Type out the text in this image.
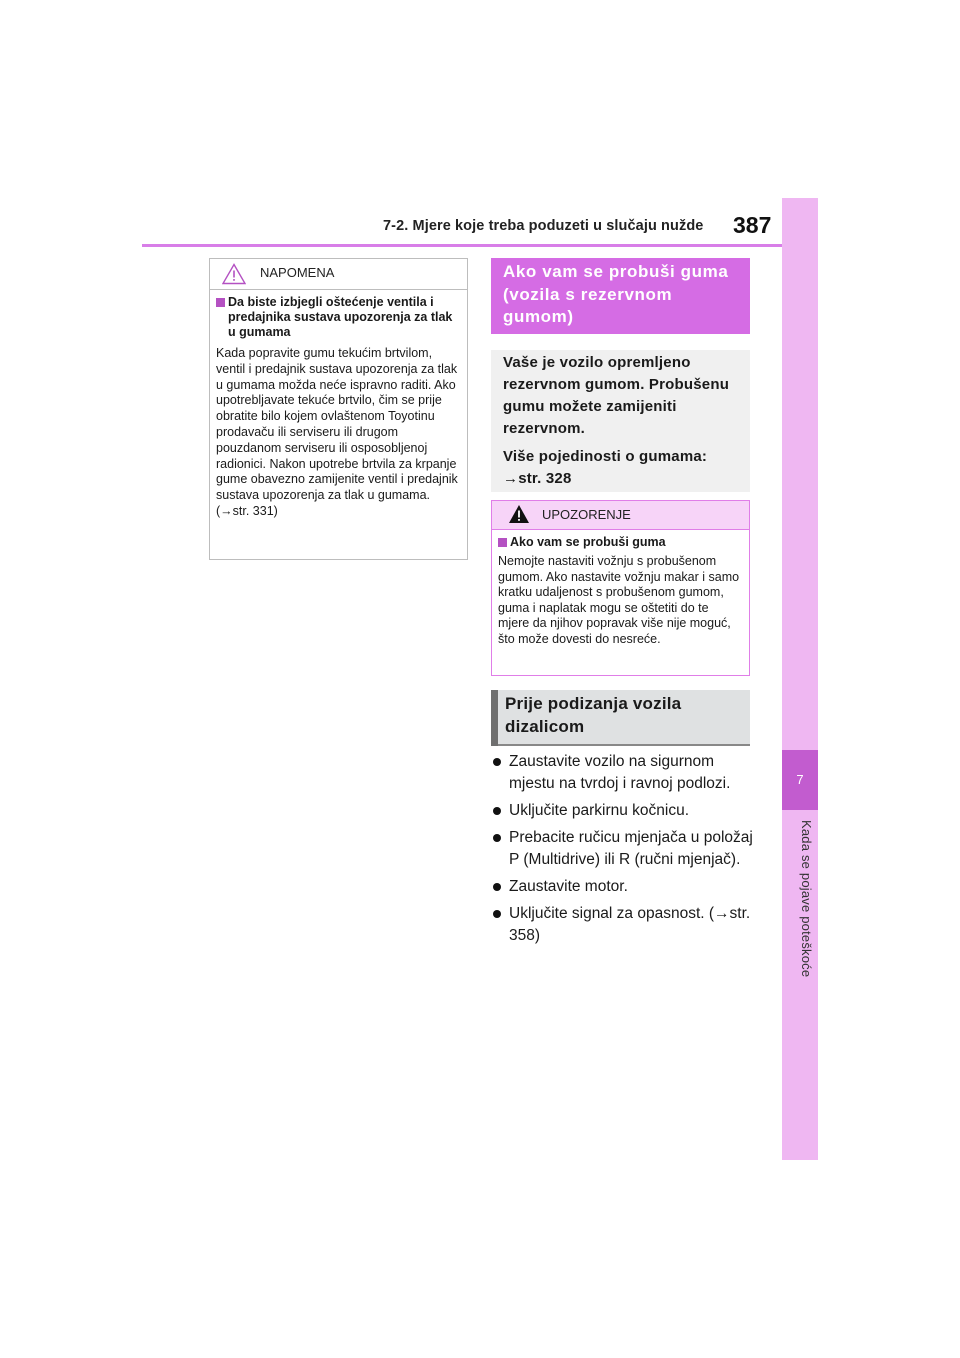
7-2. Mjere koje treba poduzeti u slučaju nužde 387
7
Kada se pojave poteškoće
NAPOMENA
Da biste izbjegli oštećenje ventila i predajnika sustava upozorenja za tlak u gumama
Kada popravite gumu tekućim brtvilom, ventil i predajnik sustava upozorenja za tlak u gumama možda neće ispravno raditi. Ako upotrebljavate tekuće brtvilo, čim se prije obratite bilo kojem ovlaštenom Toyotinu prodavaču ili serviseru ili drugom pouzdanom serviseru ili osposobljenoj radionici. Nakon upotrebe brtvila za krpanje gume obavezno zamijenite ventil i predajnik sustava upozorenja za tlak u gumama. (→str. 331)
Ako vam se probuši guma (vozila s rezervnom gumom)

Vaše je vozilo opremljeno rezervnom gumom. Probušenu gumu možete zamijeniti rezervnom.

Više pojedinosti o gumama: →str. 328

UPOZORENJE
Ako vam se probuši guma
Nemojte nastaviti vožnju s probušenom gumom. Ako nastavite vožnju makar i samo kratku udaljenost s probušenom gumom, guma i naplatak mogu se oštetiti do te mjere da njihov popravak više nije moguć, što može dovesti do nesreće.
Prije podizanja vozila dizalicom
Zaustavite vozilo na sigurnom mjestu na tvrdoj i ravnoj podlozi.
Uključite parkirnu kočnicu.
Prebacite ručicu mjenjača u položaj P (Multidrive) ili R (ručni mjenjač).
Zaustavite motor.
Uključite signal za opasnost. (→str. 358)
